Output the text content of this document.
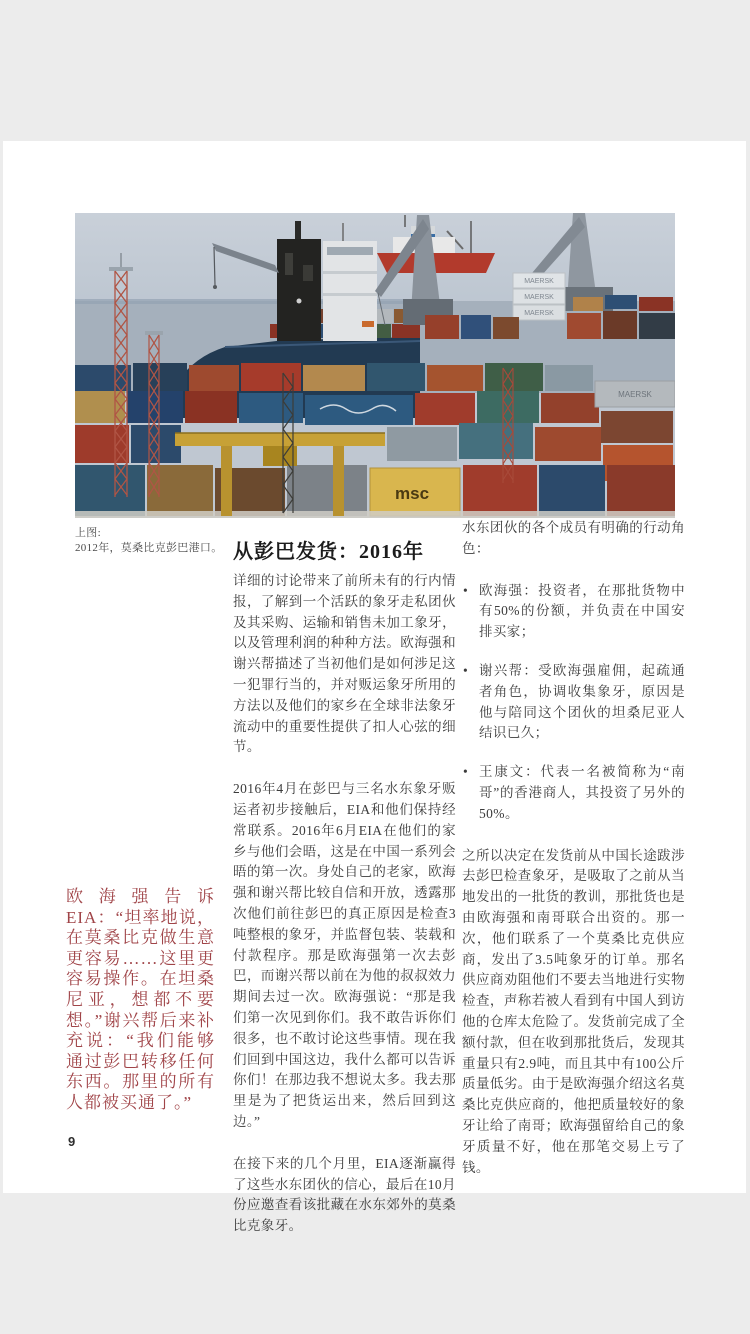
MAERSK
MAERSK
MAERSK
MAERSK
msc
上图:
2012年，莫桑比克彭巴港口。 从彭巴发货：2016年

详细的讨论带来了前所未有的行内情报，了解到一个活跃的象牙走私团伙及其采购、运输和销售未加工象牙，以及管理利润的种种方法。欧海强和谢兴帮描述了当初他们是如何涉足这一犯罪行当的，并对贩运象牙所用的方法以及他们的家乡在全球非法象牙流动中的重要性提供了扣人心弦的细节。

2016年4月在彭巴与三名水东象牙贩运者初步接触后，EIA和他们保持经常联系。2016年6月EIA在他们的家乡与他们会晤，这是在中国一系列会晤的第一次。身处自己的老家，欧海强和谢兴帮比较自信和开放，透露那次他们前往彭巴的真正原因是检查3吨整根的象牙，并监督包装、装载和付款程序。那是欧海强第一次去彭巴，而谢兴帮以前在为他的叔叔效力期间去过一次。欧海强说：“那是我们第一次见到你们。我不敢告诉你们很多，也不敢讨论这些事情。现在我们回到中国这边，我什么都可以告诉你们！在那边我不想说太多。我去那里是为了把货运出来，然后回到这边。”

在接下来的几个月里，EIA逐渐赢得了这些水东团伙的信心，最后在10月份应邀查看该批藏在水东郊外的莫桑比克象牙。

水东团伙的各个成员有明确的行动角色：

• 欧海强：投资者，在那批货物中有50%的份额，并负责在中国安排买家；
• 谢兴帮：受欧海强雇佣，起疏通者角色，协调收集象牙，原因是他与陪同这个团伙的坦桑尼亚人结识已久；
• 王康文：代表一名被简称为“南哥”的香港商人，其投资了另外的50%。

之所以决定在发货前从中国长途跋涉去彭巴检查象牙，是吸取了之前从当地发出的一批货的教训，那批货也是由欧海强和南哥联合出资的。那一次，他们联系了一个莫桑比克供应商，发出了3.5吨象牙的订单。那名供应商劝阻他们不要去当地进行实物检查，声称若被人看到有中国人到访他的仓库太危险了。发货前完成了全额付款，但在收到那批货后，发现其重量只有2.9吨，而且其中有100公斤质量低劣。由于是欧海强介绍这名莫桑比克供应商的，他把质量较好的象牙让给了南哥；欧海强留给自己的象牙质量不好，他在那笔交易上亏了钱。

欧海强告诉EIA：“坦率地说，在莫桑比克做生意更容易……这里更容易操作。在坦桑尼亚，想都不要想。”谢兴帮后来补充说：“我们能够通过彭巴转移任何东西。那里的所有人都被买通了。”
9
